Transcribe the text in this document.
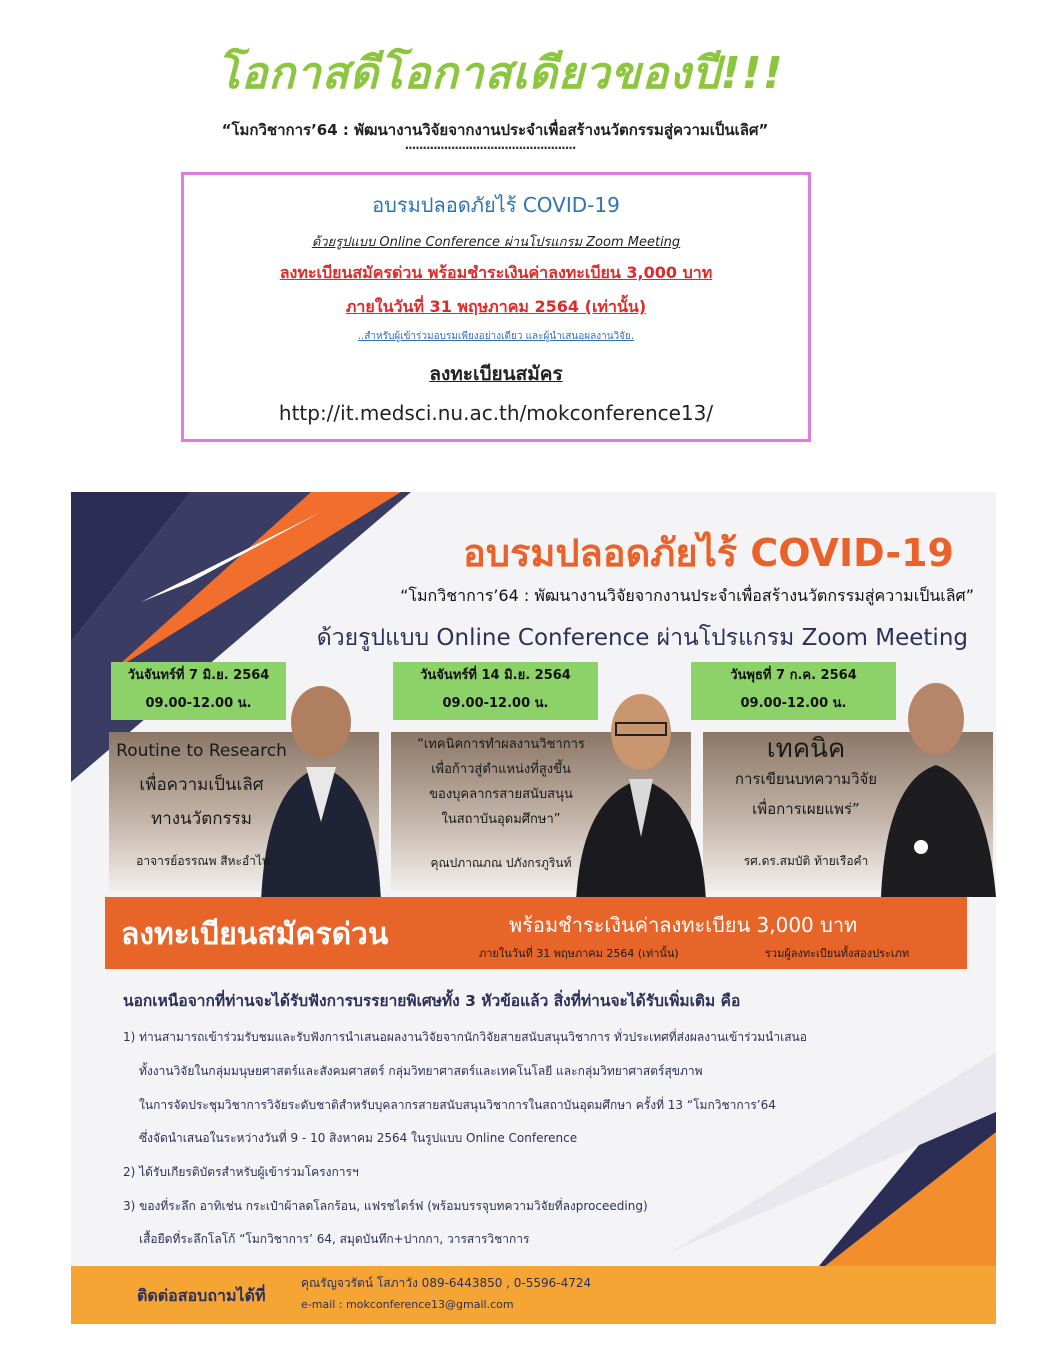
โอกาสดีโอกาสเดียวของปี!!!
“โมกวิชาการ’64 : พัฒนางานวิจัยจากงานประจำเพื่อสร้างนวัตกรรมสู่ความเป็นเลิศ”
................................................
อบรมปลอดภัยไร้ COVID-19
ด้วยรูปแบบ Online Conference ผ่านโปรแกรม Zoom Meeting
ลงทะเบียนสมัครด่วน พร้อมชำระเงินค่าลงทะเบียน 3,000 บาท
ภายในวันที่ 31 พฤษภาคม 2564 (เท่านั้น)
..สำหรับผู้เข้าร่วมอบรมเพียงอย่างเดียว และผู้นำเสนอผลงานวิจัย.
ลงทะเบียนสมัคร
http://it.medsci.nu.ac.th/mokconference13/
อบรมปลอดภัยไร้ COVID-19
“โมกวิชาการ’64 : พัฒนางานวิจัยจากงานประจำเพื่อสร้างนวัตกรรมสู่ความเป็นเลิศ”
ด้วยรูปแบบ Online Conference ผ่านโปรแกรม Zoom Meeting
วันจันทร์ที่ 7 มิ.ย. 2564
09.00-12.00 น.
วันจันทร์ที่ 14 มิ.ย. 2564
09.00-12.00 น.
วันพุธที่ 7 ก.ค. 2564
09.00-12.00 น.
Routine to Research
เพื่อความเป็นเลิศ
ทางนวัตกรรม
อาจารย์อรรณพ สีหะอำไพ
“เทคนิคการทำผลงานวิชาการ
เพื่อก้าวสู่ตำแหน่งที่สูงขึ้น
ของบุคลากรสายสนับสนุน
ในสถาบันอุดมศึกษา”
คุณปภาณภณ ปภังกรภูรินท์
เทคนิค
การเขียนบทความวิจัย
เพื่อการเผยแพร่”
รศ.ดร.สมบัติ ท้ายเรือคำ
ลงทะเบียนสมัครด่วน	พร้อมชำระเงินค่าลงทะเบียน 3,000 บาท
ภายในวันที่ 31 พฤษภาคม 2564 (เท่านั้น)	รวมผู้ลงทะเบียนทั้งสองประเภท
นอกเหนือจากที่ท่านจะได้รับฟังการบรรยายพิเศษทั้ง 3 หัวข้อแล้ว สิ่งที่ท่านจะได้รับเพิ่มเติม คือ
1) ท่านสามารถเข้าร่วมรับชมและรับฟังการนำเสนอผลงานวิจัยจากนักวิจัยสายสนับสนุนวิชาการ ทั่วประเทศที่ส่งผลงานเข้าร่วมนำเสนอ
ทั้งงานวิจัยในกลุ่มมนุษยศาสตร์และสังคมศาสตร์ กลุ่มวิทยาศาสตร์และเทคโนโลยี และกลุ่มวิทยาศาสตร์สุขภาพ
ในการจัดประชุมวิชาการวิจัยระดับชาติสำหรับบุคลากรสายสนับสนุนวิชาการในสถาบันอุดมศึกษา ครั้งที่ 13 “โมกวิชาการ’64
ซึ่งจัดนำเสนอในระหว่างวันที่ 9 - 10 สิงหาคม 2564 ในรูปแบบ Online Conference
2) ได้รับเกียรติบัตรสำหรับผู้เข้าร่วมโครงการฯ
3) ของที่ระลึก อาทิเช่น กระเป๋าผ้าลดโลกร้อน, แฟรชไดร์ฟ (พร้อมบรรจุบทความวิจัยที่ลงproceeding)
เสื้อยืดที่ระลึกโลโก้ “โมกวิชาการ’ 64, สมุดบันทึก+ปากกา, วารสารวิชาการ
ติดต่อสอบถามได้ที่
คุณรัญจวรัตน์ โสภาวัง 089-6443850 , 0-5596-4724
e-mail : mokconference13@gmail.com
